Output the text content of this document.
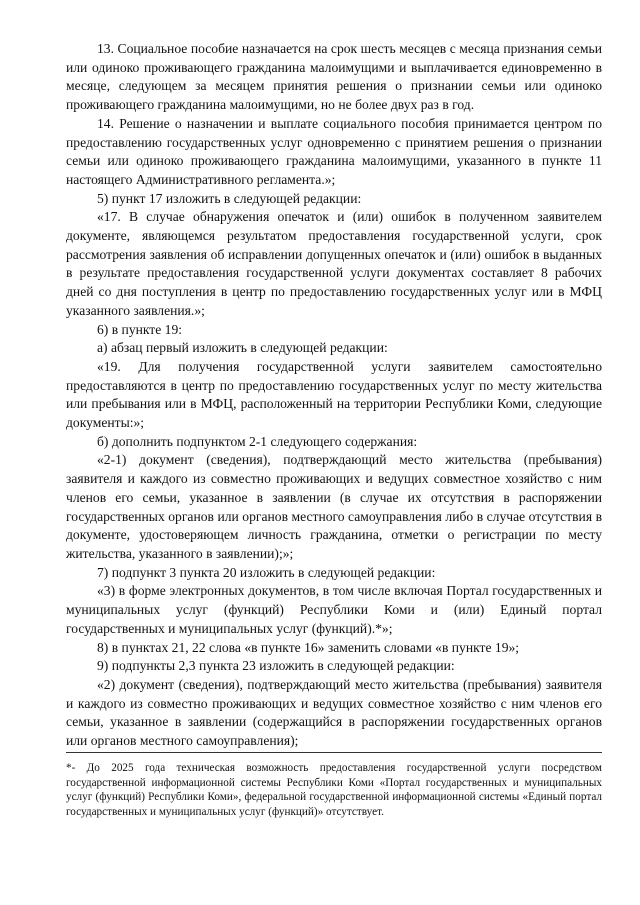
13. Социальное пособие назначается на срок шесть месяцев с месяца признания семьи или одиноко проживающего гражданина малоимущими и выплачивается единовременно в месяце, следующем за месяцем принятия решения о признании семьи или одиноко проживающего гражданина малоимущими, но не более двух раз в год.

14. Решение о назначении и выплате социального пособия принимается центром по предоставлению государственных услуг одновременно с принятием решения о признании семьи или одиноко проживающего гражданина малоимущими, указанного в пункте 11 настоящего Административного регламента.»;

5) пункт 17 изложить в следующей редакции:

«17. В случае обнаружения опечаток и (или) ошибок в полученном заявителем документе, являющемся результатом предоставления государственной услуги, срок рассмотрения заявления об исправлении допущенных опечаток и (или) ошибок в выданных в результате предоставления государственной услуги документах составляет 8 рабочих дней со дня поступления в центр по предоставлению государственных услуг или в МФЦ указанного заявления.»;

6) в пункте 19:

а) абзац первый изложить в следующей редакции:

«19. Для получения государственной услуги заявителем самостоятельно предоставляются в центр по предоставлению государственных услуг по месту жительства или пребывания или в МФЦ, расположенный на территории Республики Коми, следующие документы:»;

б) дополнить подпунктом 2-1 следующего содержания:

«2-1) документ (сведения), подтверждающий место жительства (пребывания) заявителя и каждого из совместно проживающих и ведущих совместное хозяйство с ним членов его семьи, указанное в заявлении (в случае их отсутствия в распоряжении государственных органов или органов местного самоуправления либо в случае отсутствия в документе, удостоверяющем личность гражданина, отметки о регистрации по месту жительства, указанного в заявлении);»;

7) подпункт 3 пункта 20 изложить в следующей редакции:

«3) в форме электронных документов, в том числе включая Портал государственных и муниципальных услуг (функций) Республики Коми и (или) Единый портал государственных и муниципальных услуг (функций).*»;

8) в пунктах 21, 22 слова «в пункте 16» заменить словами «в пункте 19»;

9) подпункты 2,3 пункта 23 изложить в следующей редакции:

«2) документ (сведения), подтверждающий место жительства (пребывания) заявителя и каждого из совместно проживающих и ведущих совместное хозяйство с ним членов его семьи, указанное в заявлении (содержащийся в распоряжении государственных органов или органов местного самоуправления);

*- До 2025 года техническая возможность предоставления государственной услуги посредством государственной информационной системы Республики Коми «Портал государственных и муниципальных услуг (функций) Республики Коми», федеральной государственной информационной системы «Единый портал государственных и муниципальных услуг (функций)» отсутствует.
